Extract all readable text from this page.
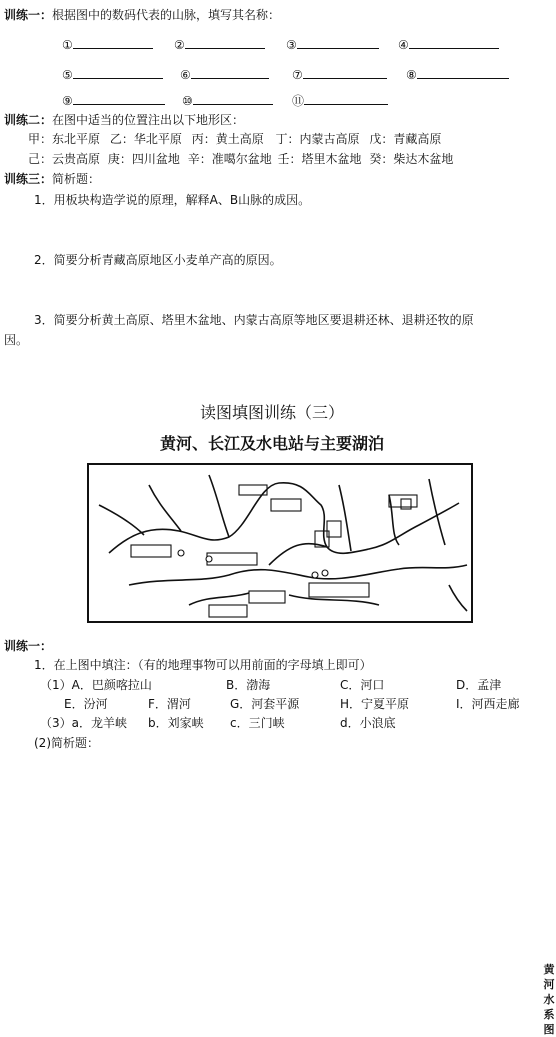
训练一：根据图中的数码代表的山脉，填写其名称：
①	②	③	④
⑤	⑥	⑦	⑧
⑨	⑩	⑪
训练二：在图中适当的位置注出以下地形区：
甲：东北平原 乙：华北平原 丙：黄土高原 丁：内蒙古高原 戊：青藏高原
己：云贵高原 庚：四川盆地 辛：准噶尔盆地 壬：塔里木盆地 癸：柴达木盆地
训练三：简析题：
1．用板块构造学说的原理，解释A、B山脉的成因。
2．简要分析青藏高原地区小麦单产高的原因。
3．简要分析黄土高原、塔里木盆地、内蒙古高原等地区要退耕还林、退耕还牧的原
因。
读图填图训练（三）
黄河、长江及水电站与主要湖泊
黄河水系图
训练一：
1．在上图中填注：（有的地理事物可以用前面的字母填上即可）
（1）A．巴颜喀拉山	B．渤海	C．河口	D．孟津
E．汾河	F．渭河	G．河套平源	H．宁夏平原	I．河西走廊
（3）a．龙羊峡 b．刘家峡 c．三门峡	d．小浪底
(2)简析题：
